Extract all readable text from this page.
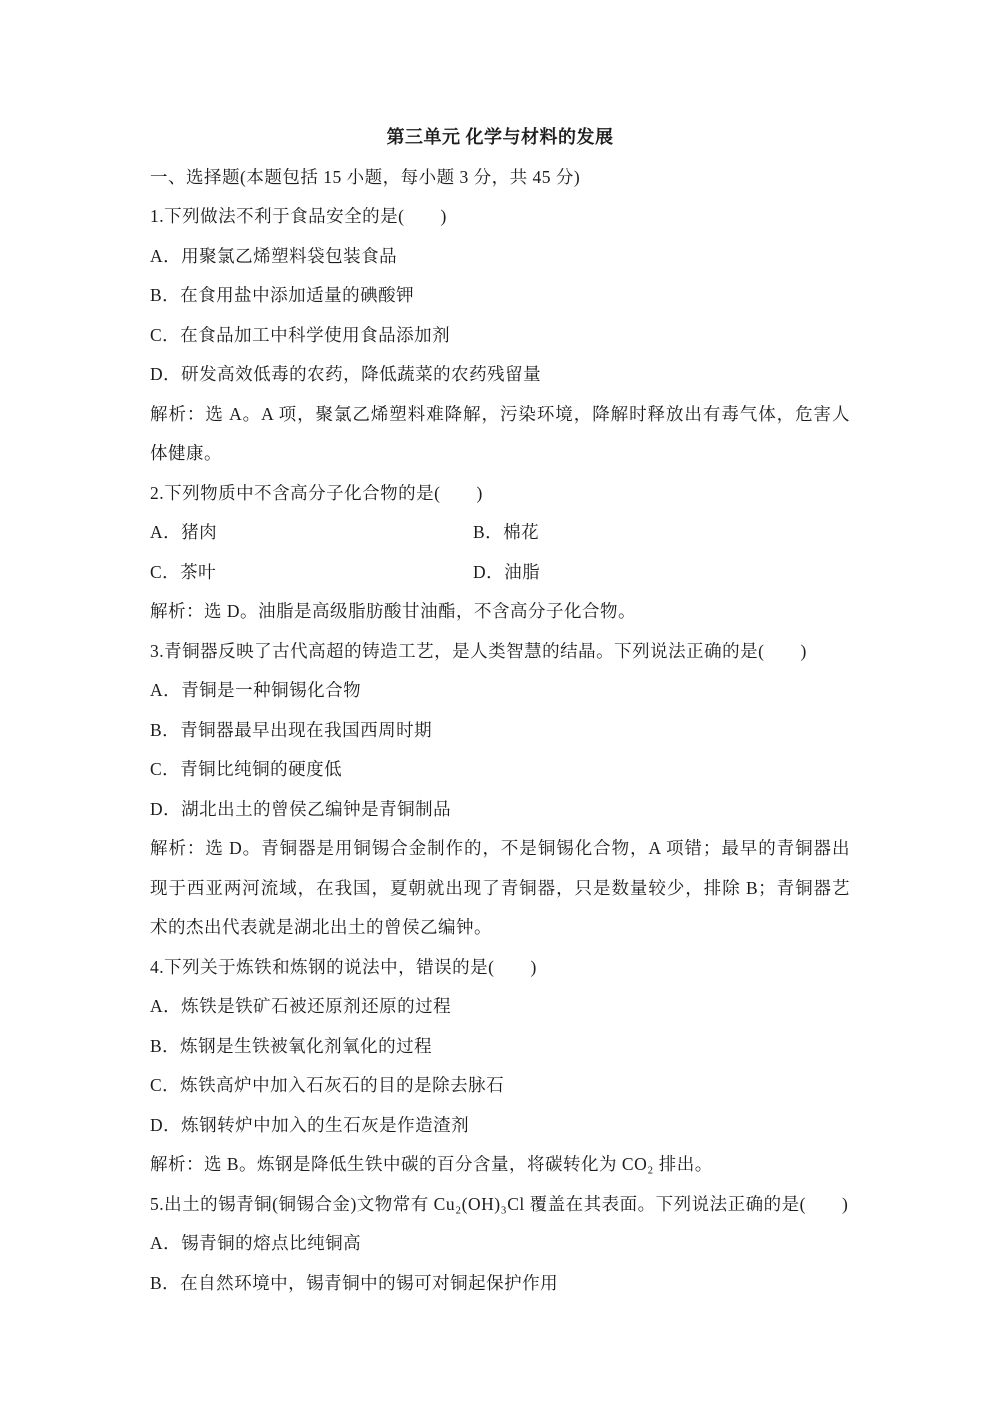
第三单元 化学与材料的发展
一、选择题(本题包括 15 小题，每小题 3 分，共 45 分)
1.下列做法不利于食品安全的是(　　)
A．用聚氯乙烯塑料袋包装食品
B．在食用盐中添加适量的碘酸钾
C．在食品加工中科学使用食品添加剂
D．研发高效低毒的农药，降低蔬菜的农药残留量
解析：选 A。A 项，聚氯乙烯塑料难降解，污染环境，降解时释放出有毒气体，危害人体健康。
2.下列物质中不含高分子化合物的是(　　)
A．猪肉	B．棉花
C．茶叶	D．油脂
解析：选 D。油脂是高级脂肪酸甘油酯，不含高分子化合物。
3.青铜器反映了古代高超的铸造工艺，是人类智慧的结晶。下列说法正确的是(　　)
A．青铜是一种铜锡化合物
B．青铜器最早出现在我国西周时期
C．青铜比纯铜的硬度低
D．湖北出土的曾侯乙编钟是青铜制品
解析：选 D。青铜器是用铜锡合金制作的，不是铜锡化合物，A 项错；最早的青铜器出现于西亚两河流域，在我国，夏朝就出现了青铜器，只是数量较少，排除 B；青铜器艺术的杰出代表就是湖北出土的曾侯乙编钟。
4.下列关于炼铁和炼钢的说法中，错误的是(　　)
A．炼铁是铁矿石被还原剂还原的过程
B．炼钢是生铁被氧化剂氧化的过程
C．炼铁高炉中加入石灰石的目的是除去脉石
D．炼钢转炉中加入的生石灰是作造渣剂
解析：选 B。炼钢是降低生铁中碳的百分含量，将碳转化为 CO₂ 排出。
5.出土的锡青铜(铜锡合金)文物常有 Cu₂(OH)₃Cl 覆盖在其表面。下列说法正确的是(　　)
A．锡青铜的熔点比纯铜高
B．在自然环境中，锡青铜中的锡可对铜起保护作用
